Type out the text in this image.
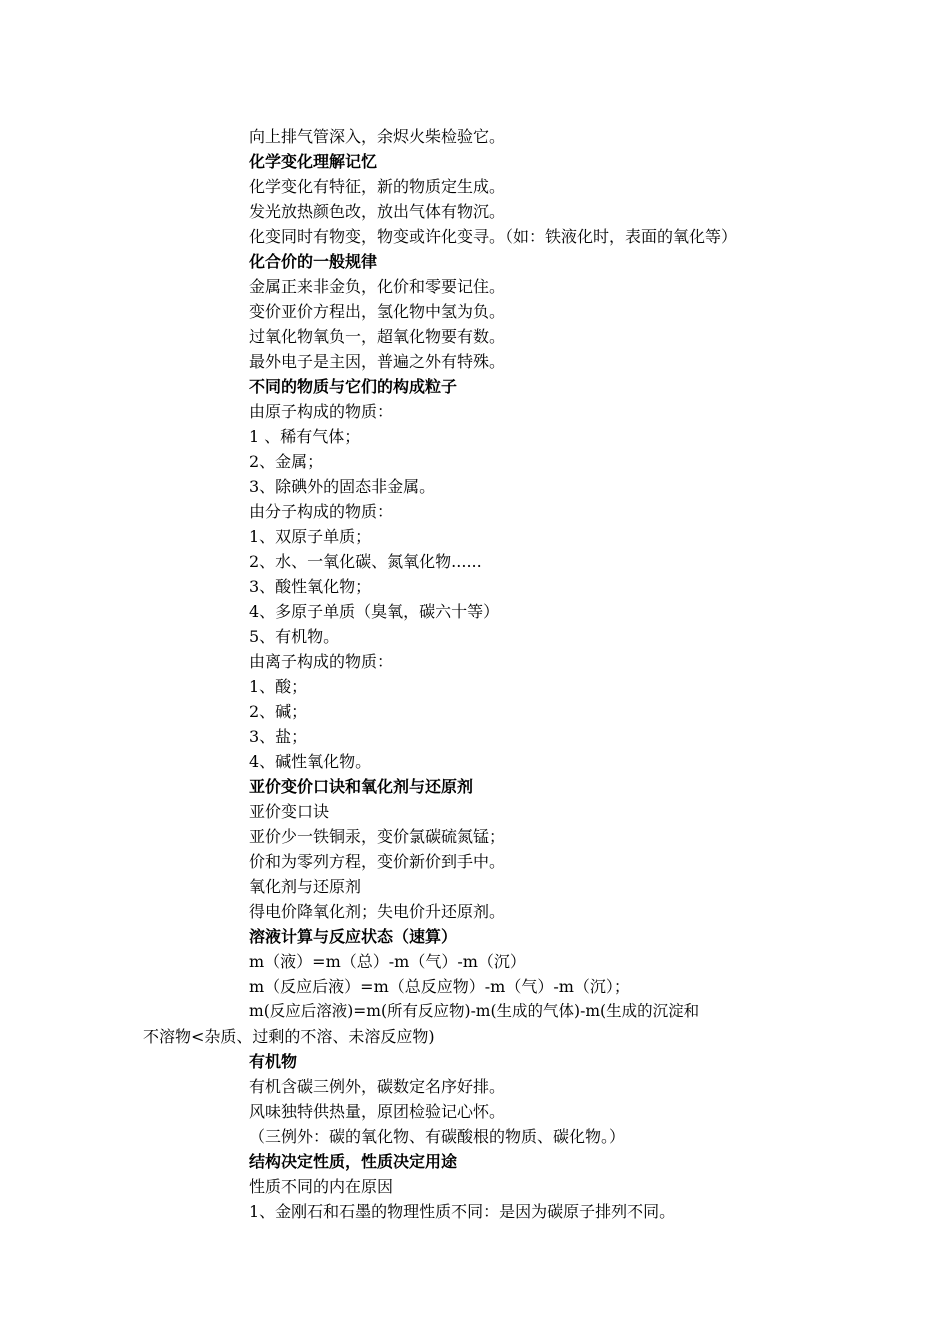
向上排气管深入，余烬火柴检验它。
化学变化理解记忆
化学变化有特征，新的物质定生成。
发光放热颜色改，放出气体有物沉。
化变同时有物变，物变或许化变寻。（如：铁液化时，表面的氧化等）
化合价的一般规律
金属正来非金负，化价和零要记住。
变价亚价方程出，氢化物中氢为负。
过氧化物氧负一，超氧化物要有数。
最外电子是主因，普遍之外有特殊。
不同的物质与它们的构成粒子
由原子构成的物质：
1 、稀有气体；
2、金属；
3、除碘外的固态非金属。
由分子构成的物质：
1、双原子单质；
2、水、一氧化碳、氮氧化物......
3、酸性氧化物；
4、多原子单质（臭氧，碳六十等）
5、有机物。
由离子构成的物质：
1、酸；
2、碱；
3、盐；
4、碱性氧化物。
亚价变价口诀和氧化剂与还原剂
亚价变口诀
亚价少一铁铜汞，变价氯碳硫氮锰；
价和为零列方程，变价新价到手中。
氧化剂与还原剂
得电价降氧化剂；失电价升还原剂。
溶液计算与反应状态（速算）
m（液）=m（总）-m（气）-m（沉）
m（反应后液）=m（总反应物）-m（气）-m（沉）；
m(反应后溶液)=m(所有反应物)-m(生成的气体)-m(生成的沉淀和
不溶物<杂质、过剩的不溶、未溶反应物)
有机物
有机含碳三例外，碳数定名序好排。
风味独特供热量，原团检验记心怀。
（三例外：碳的氧化物、有碳酸根的物质、碳化物。）
结构决定性质，性质决定用途
性质不同的内在原因
1、金刚石和石墨的物理性质不同：是因为碳原子排列不同。
